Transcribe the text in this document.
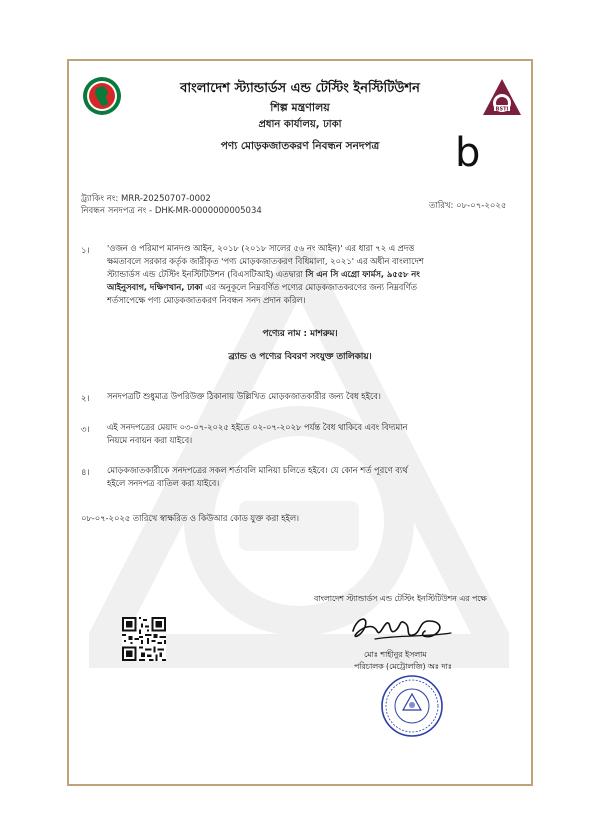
BSTI
বাংলাদেশ স্ট্যান্ডার্ডস এন্ড টেস্টিং ইনস্টিটিউশন
শিল্প মন্ত্রণালয়
প্রধান কার্যালয়, ঢাকা
পণ্য মোড়কজাতকরণ নিবন্ধন সনদপত্র	b
ট্র্যাকিং নং: MRR-20250707-0002
নিবন্ধন সনদপত্র নং - DHK-MR-0000000005034	তারিখ: ০৮-০৭-২০২৫
১। 'ওজন ও পরিমাপ মানদণ্ড আইন, ২০১৮ (২০১৮ সালের ৫৬ নং আইন)' এর ধারা ৭২ এ প্রদত্ত
ক্ষমতাবলে সরকার কর্তৃক জারীকৃত 'পণ্য মোড়কজাতকরণ বিধিমালা, ২০২১' এর অধীন বাংলাদেশ
স্ট্যান্ডার্ডস এন্ড টেস্টিং ইনস্টিটিউশন (বিএসটিআই) এতদ্বারা সি এন সি এগ্রো ফার্মস, ৯৫৫৮ নং
আইনুসবাগ, দক্ষিণখান, ঢাকা এর অনুকূলে নিম্নবর্ণিত পণ্যের মোড়কজাতকরণের জন্য নিম্নবর্ণিত
শর্তসাপেক্ষে পণ্য মোড়কজাতকরণ নিবন্ধন সনদ প্রদান করিল।
পণ্যের নাম : মাশরুম।
ব্র্যান্ড ও পণ্যের বিবরণ সংযুক্ত তালিকায়।
২। সনদপত্রটি শুধুমাত্র উপরিউক্ত ঠিকানায় উল্লিখিত মোড়কজাতকারীর জন্য বৈধ হইবে।
৩। এই সনদপত্রের মেয়াদ ০৩-০৭-২০২৫ হইতে ০২-০৭-২০২৮ পর্যন্ত বৈধ থাকিবে এবং বিদ্যমান
নিয়মে নবায়ন করা যাইবে।
৪। মোড়কজাতকারীকে সনদপত্রের সকল শর্তাবলি মানিয়া চলিতে হইবে। যে কোন শর্ত পূরণে ব্যর্থ
হইলে সনদপত্র বাতিল করা যাইবে।
০৮-০৭-২০২৫ তারিখে স্বাক্ষরিত ও কিউআর কোড যুক্ত করা হইল।
বাংলাদেশ স্ট্যান্ডার্ডস এন্ড টেস্টিং ইনস্টিটিউশন এর পক্ষে
মোঃ শাহীনুর ইসলাম
পরিচালক (মেট্রোলজি) অঃ দাঃ
